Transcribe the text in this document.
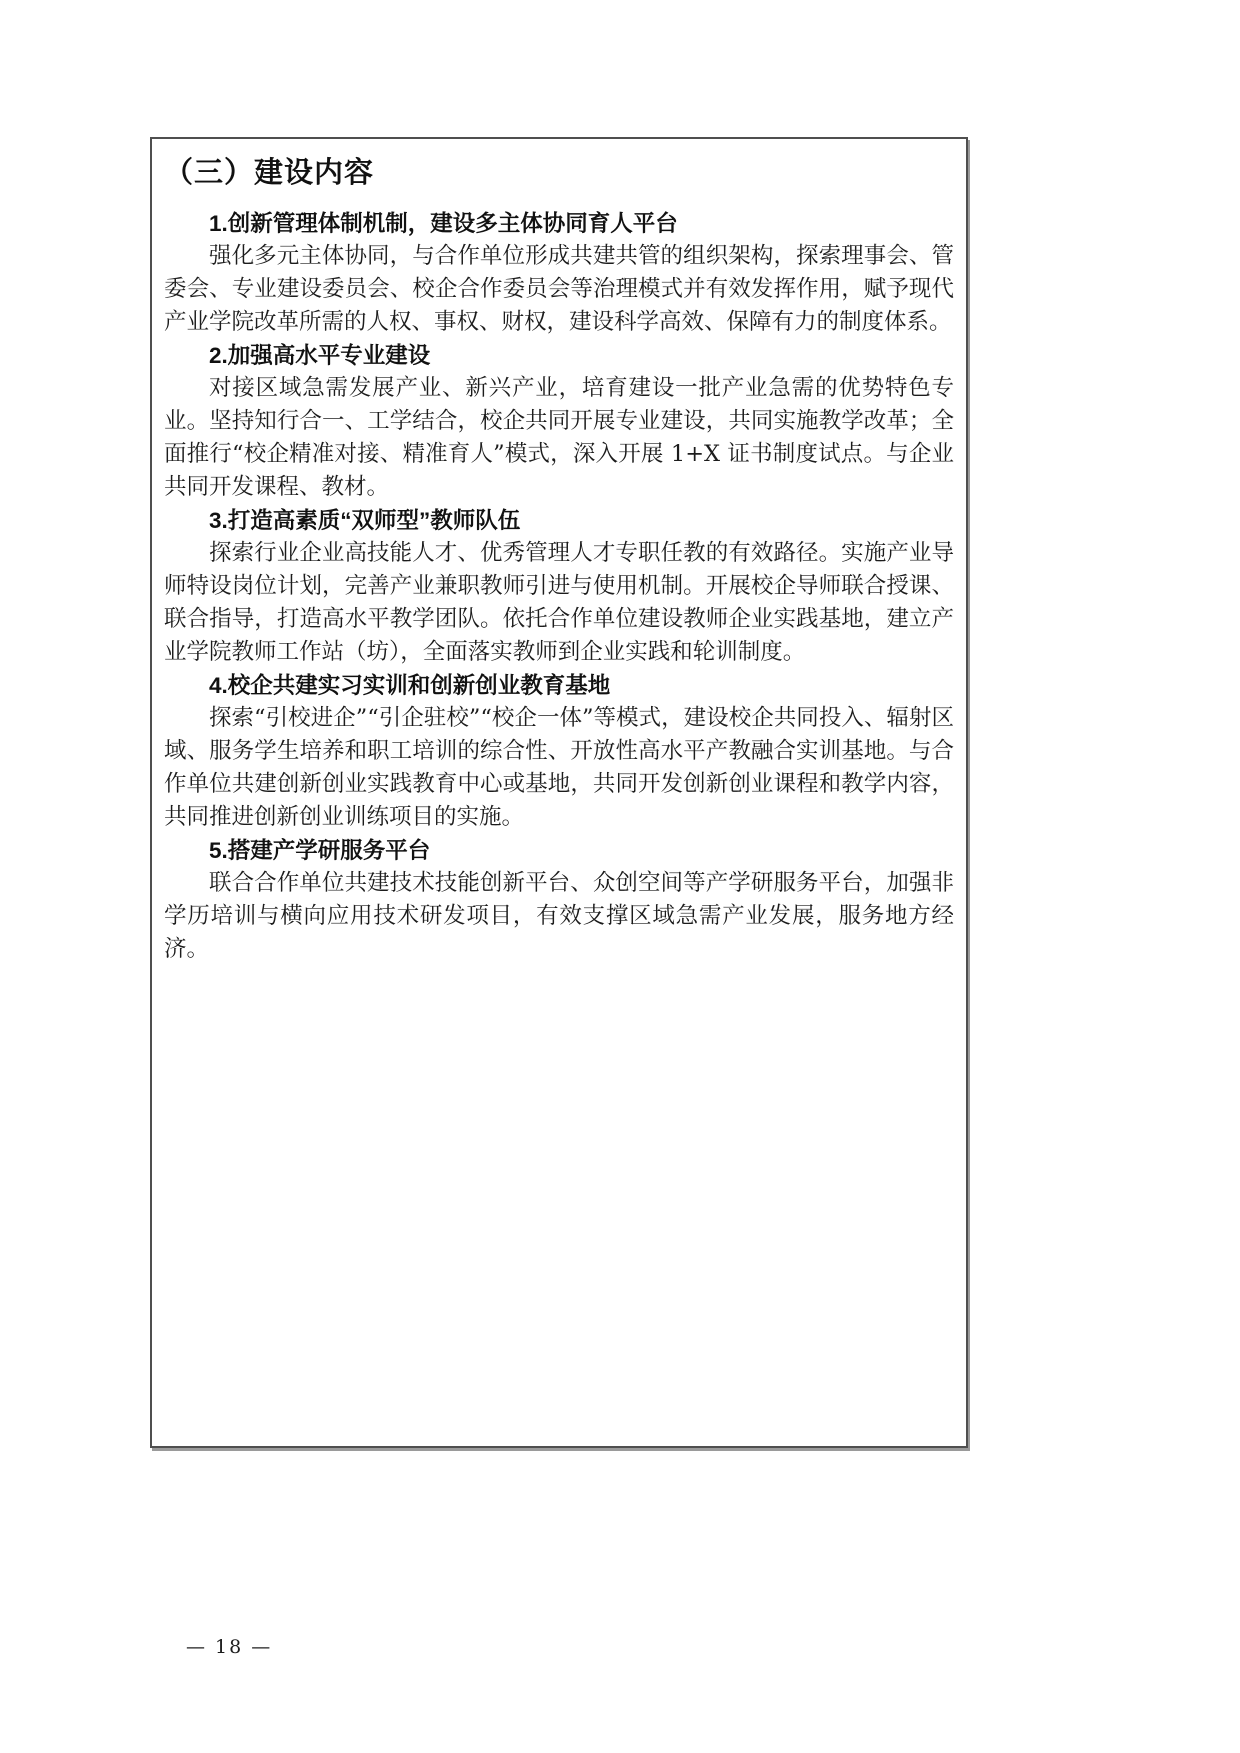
（三）建设内容
1.创新管理体制机制，建设多主体协同育人平台

强化多元主体协同，与合作单位形成共建共管的组织架构，探索理事会、管委会、专业建设委员会、校企合作委员会等治理模式并有效发挥作用，赋予现代产业学院改革所需的人权、事权、财权，建设科学高效、保障有力的制度体系。

2.加强高水平专业建设

对接区域急需发展产业、新兴产业，培育建设一批产业急需的优势特色专业。坚持知行合一、工学结合，校企共同开展专业建设，共同实施教学改革；全面推行“校企精准对接、精准育人”模式，深入开展 1+X 证书制度试点。与企业共同开发课程、教材。

3.打造高素质“双师型”教师队伍

探索行业企业高技能人才、优秀管理人才专职任教的有效路径。实施产业导师特设岗位计划，完善产业兼职教师引进与使用机制。开展校企导师联合授课、联合指导，打造高水平教学团队。依托合作单位建设教师企业实践基地，建立产业学院教师工作站（坊），全面落实教师到企业实践和轮训制度。

4.校企共建实习实训和创新创业教育基地

探索“引校进企”“引企驻校”“校企一体”等模式，建设校企共同投入、辐射区域、服务学生培养和职工培训的综合性、开放性高水平产教融合实训基地。与合作单位共建创新创业实践教育中心或基地，共同开发创新创业课程和教学内容，共同推进创新创业训练项目的实施。

5.搭建产学研服务平台

联合合作单位共建技术技能创新平台、众创空间等产学研服务平台，加强非学历培训与横向应用技术研发项目，有效支撑区域急需产业发展，服务地方经济。

— 18 —
